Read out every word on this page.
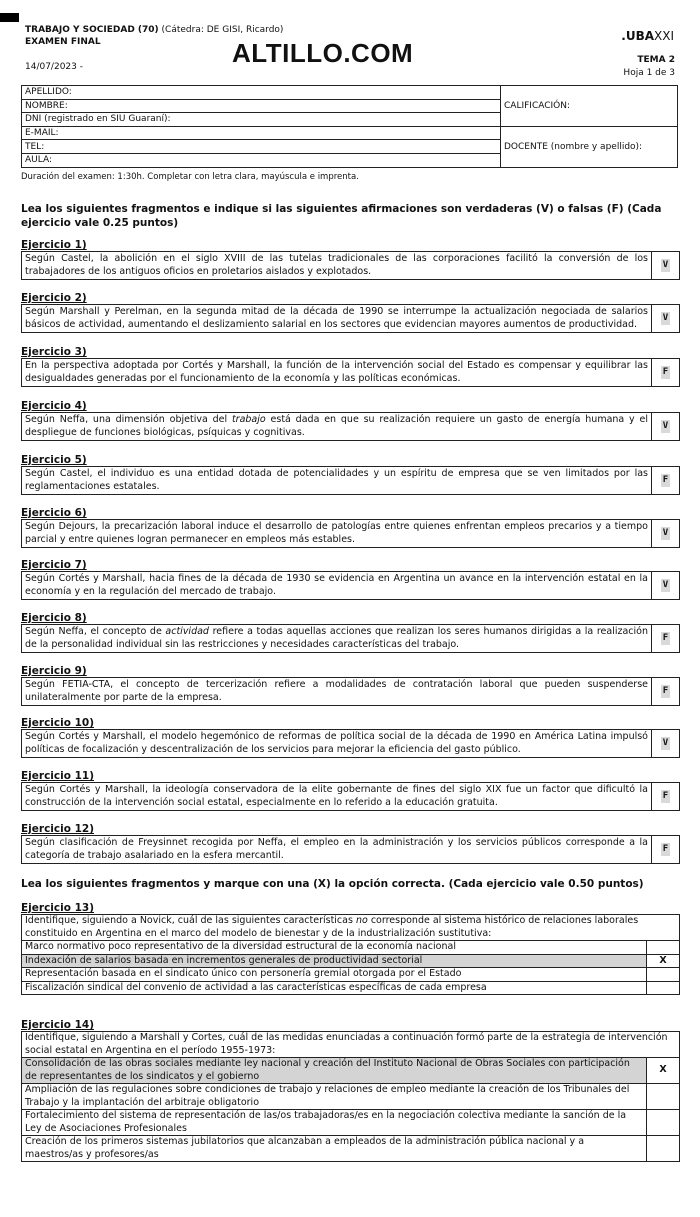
TRABAJO Y SOCIEDAD (70) (Cátedra: DE GISI, Ricardo)
EXAMEN FINAL
14/07/2023 -	ALTILLO.COM
.UBAXXI
TEMA 2
Hoja 1 de 3
APELLIDO:	CALIFICACIÓN:
NOMBRE:	
DNI (registrado en SIU Guaraní):	
E-MAIL:	DOCENTE (nombre y apellido):
TEL:	
AULA:	
Duración del examen: 1:30h. Completar con letra clara, mayúscula e imprenta.
Lea los siguientes fragmentos e indique si las siguientes afirmaciones son verdaderas (V) o falsas (F) (Cada ejercicio vale 0.25 puntos)
Ejercicio 1)
Según Castel, la abolición en el siglo XVIII de las tutelas tradicionales de las corporaciones facilitó la conversión de los trabajadores de los antiguos oficios en proletarios aislados y explotados.
V
Ejercicio 2)
Según Marshall y Perelman, en la segunda mitad de la década de 1990 se interrumpe la actualización negociada de salarios básicos de actividad, aumentando el deslizamiento salarial en los sectores que evidencian mayores aumentos de productividad.
V
Ejercicio 3)
En la perspectiva adoptada por Cortés y Marshall, la función de la intervención social del Estado es compensar y equilibrar las desigualdades generadas por el funcionamiento de la economía y las políticas económicas.
F
Ejercicio 4)
Según Neffa, una dimensión objetiva del trabajo está dada en que su realización requiere un gasto de energía humana y el despliegue de funciones biológicas, psíquicas y cognitivas.
V
Ejercicio 5)
Según Castel, el individuo es una entidad dotada de potencialidades y un espíritu de empresa que se ven limitados por las reglamentaciones estatales.
F
Ejercicio 6)
Según Dejours, la precarización laboral induce el desarrollo de patologías entre quienes enfrentan empleos precarios y a tiempo parcial y entre quienes logran permanecer en empleos más estables.
V
Ejercicio 7)
Según Cortés y Marshall, hacia fines de la década de 1930 se evidencia en Argentina un avance en la intervención estatal en la economía y en la regulación del mercado de trabajo.
V
Ejercicio 8)
Según Neffa, el concepto de actividad refiere a todas aquellas acciones que realizan los seres humanos dirigidas a la realización de la personalidad individual sin las restricciones y necesidades características del trabajo.
F
Ejercicio 9)
Según FETIA-CTA, el concepto de tercerización refiere a modalidades de contratación laboral que pueden suspenderse unilateralmente por parte de la empresa.
F
Ejercicio 10)
Según Cortés y Marshall, el modelo hegemónico de reformas de política social de la década de 1990 en América Latina impulsó políticas de focalización y descentralización de los servicios para mejorar la eficiencia del gasto público.
V
Ejercicio 11)
Según Cortés y Marshall, la ideología conservadora de la elite gobernante de fines del siglo XIX fue un factor que dificultó la construcción de la intervención social estatal, especialmente en lo referido a la educación gratuita.
F
Ejercicio 12)
Según clasificación de Freysinnet recogida por Neffa, el empleo en la administración y los servicios públicos corresponde a la categoría de trabajo asalariado en la esfera mercantil.
F
Lea los siguientes fragmentos y marque con una (X) la opción correcta. (Cada ejercicio vale 0.50 puntos)
Ejercicio 13)
Identifique, siguiendo a Novick, cuál de las siguientes características no corresponde al sistema histórico de relaciones laborales constituido en Argentina en el marco del modelo de bienestar y de la industrialización sustitutiva:	
Marco normativo poco representativo de la diversidad estructural de la economía nacional	
Indexación de salarios basada en incrementos generales de productividad sectorial	X
Representación basada en el sindicato único con personería gremial otorgada por el Estado	
Fiscalización sindical del convenio de actividad a las características específicas de cada empresa	
Ejercicio 14)
Identifique, siguiendo a Marshall y Cortes, cuál de las medidas enunciadas a continuación formó parte de la estrategia de intervención social estatal en Argentina en el período 1955-1973:	
Consolidación de las obras sociales mediante ley nacional y creación del Instituto Nacional de Obras Sociales con participación de representantes de los sindicatos y el gobierno	X
Ampliación de las regulaciones sobre condiciones de trabajo y relaciones de empleo mediante la creación de los Tribunales del Trabajo y la implantación del arbitraje obligatorio	
Fortalecimiento del sistema de representación de las/os trabajadoras/es en la negociación colectiva mediante la sanción de la Ley de Asociaciones Profesionales	
Creación de los primeros sistemas jubilatorios que alcanzaban a empleados de la administración pública nacional y a maestros/as y profesores/as	
